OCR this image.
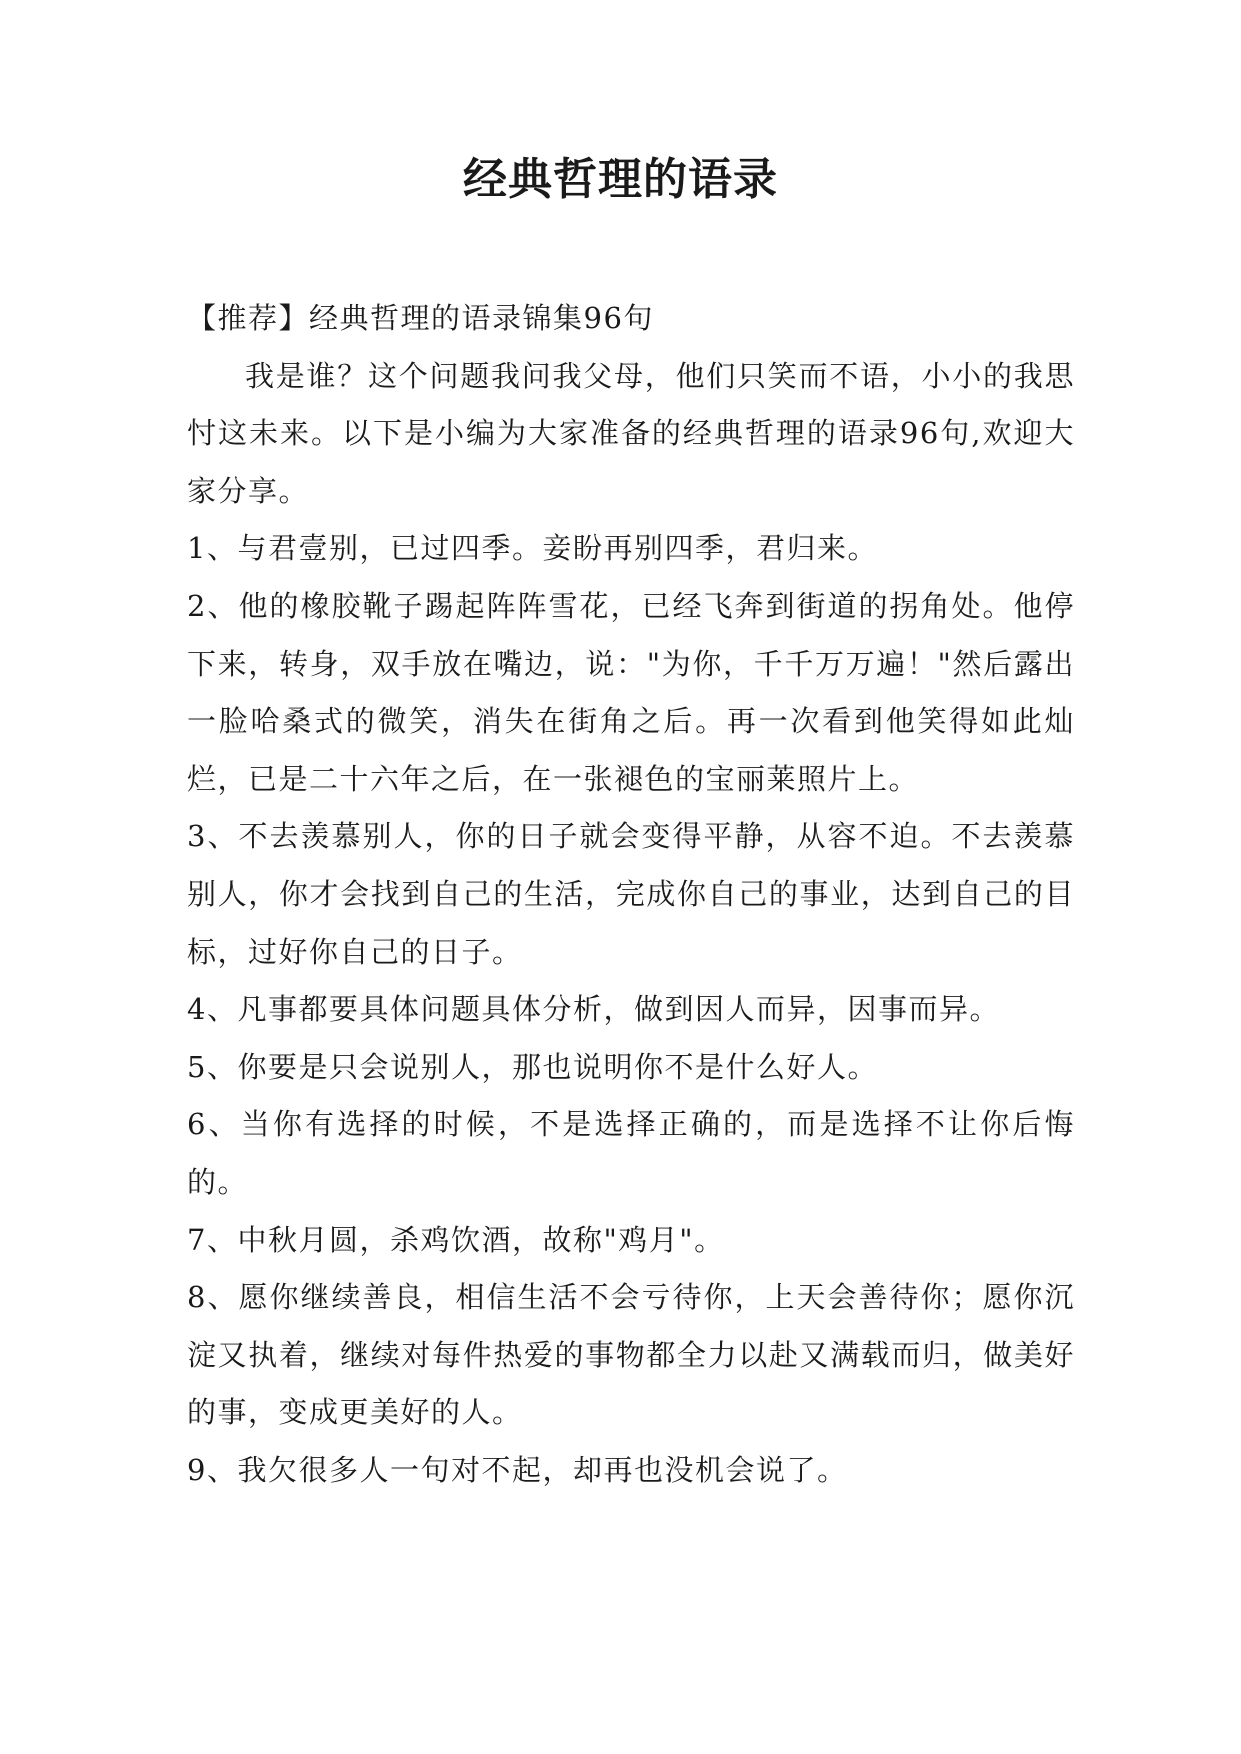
经典哲理的语录

【推荐】经典哲理的语录锦集96句

我是谁？这个问题我问我父母，他们只笑而不语，小小的我思忖这未来。以下是小编为大家准备的经典哲理的语录96句,欢迎大家分享。

1、与君壹别，已过四季。妾盼再别四季，君归来。

2、他的橡胶靴子踢起阵阵雪花，已经飞奔到街道的拐角处。他停下来，转身，双手放在嘴边，说："为你，千千万万遍！"然后露出一脸哈桑式的微笑，消失在街角之后。再一次看到他笑得如此灿烂，已是二十六年之后，在一张褪色的宝丽莱照片上。

3、不去羡慕别人，你的日子就会变得平静，从容不迫。不去羡慕别人，你才会找到自己的生活，完成你自己的事业，达到自己的目标，过好你自己的日子。

4、凡事都要具体问题具体分析，做到因人而异，因事而异。

5、你要是只会说别人，那也说明你不是什么好人。

6、当你有选择的时候，不是选择正确的，而是选择不让你后悔的。

7、中秋月圆，杀鸡饮酒，故称"鸡月"。

8、愿你继续善良，相信生活不会亏待你，上天会善待你；愿你沉淀又执着，继续对每件热爱的事物都全力以赴又满载而归，做美好的事，变成更美好的人。

9、我欠很多人一句对不起，却再也没机会说了。
